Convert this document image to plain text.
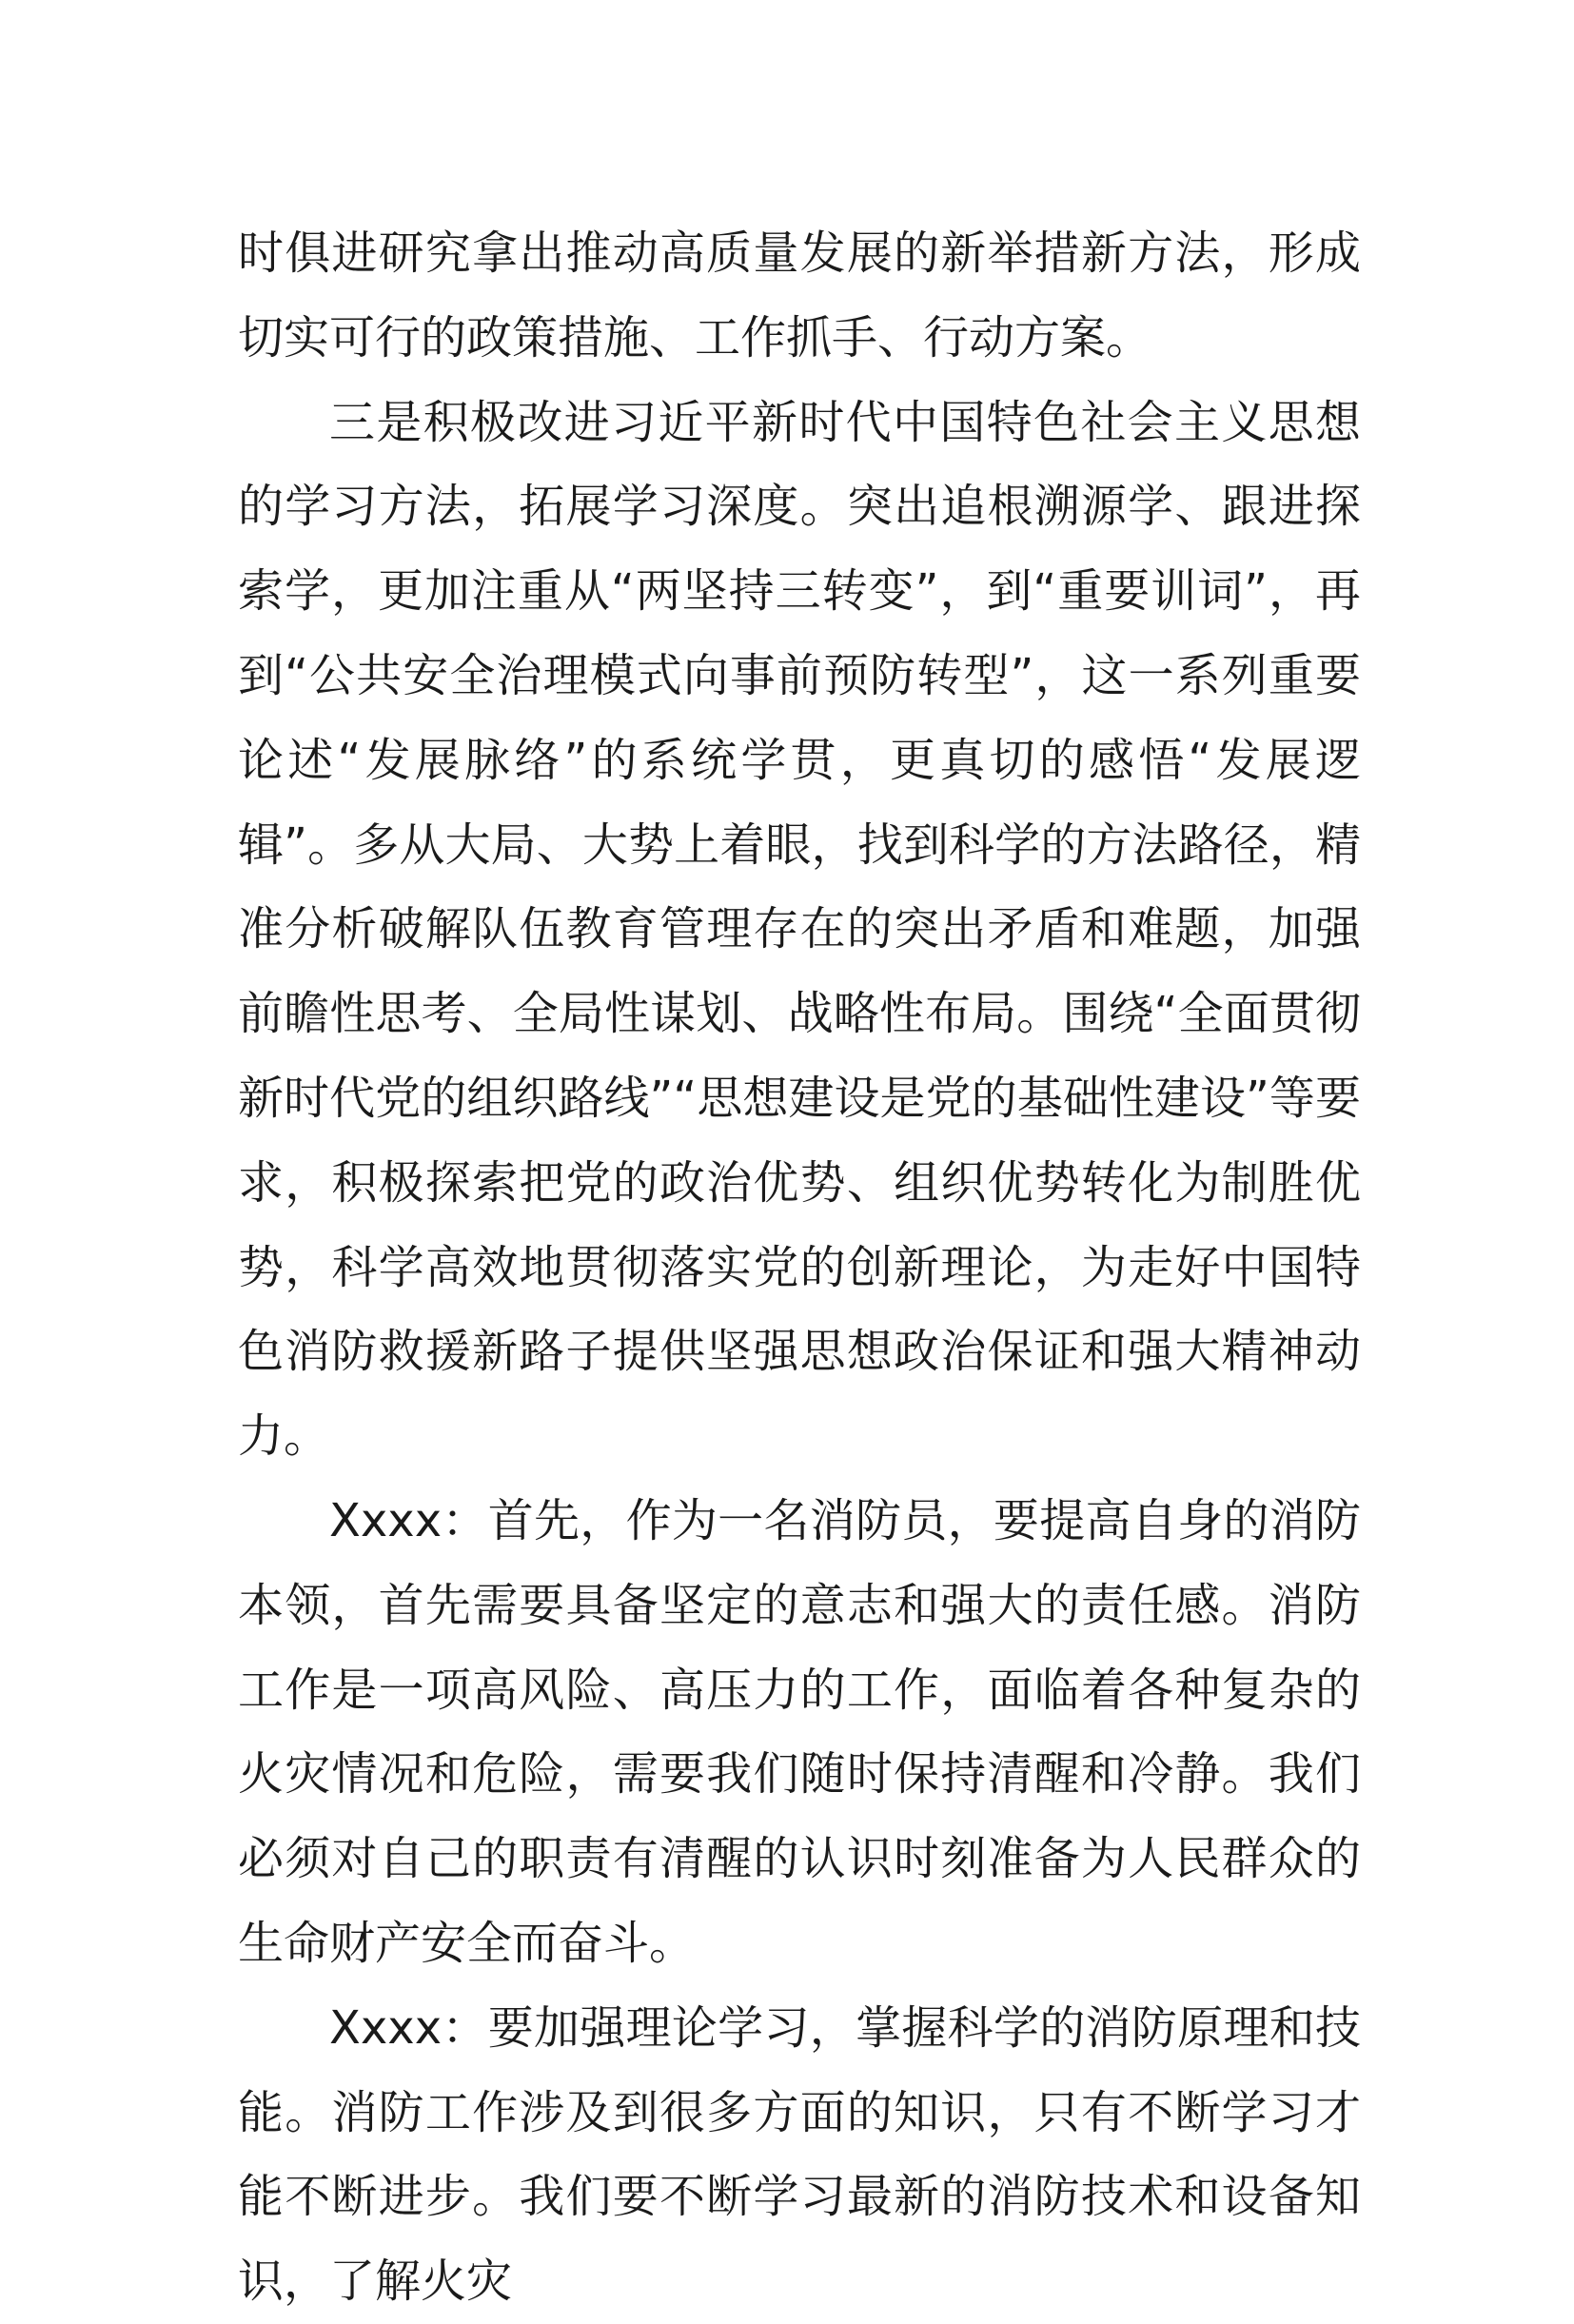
时俱进研究拿出推动高质量发展的新举措新方法，形成切实可行的政策措施、工作抓手、行动方案。

三是积极改进习近平新时代中国特色社会主义思想的学习方法，拓展学习深度。突出追根溯源学、跟进探索学，更加注重从“两坚持三转变”，到“重要训词”，再到“公共安全治理模式向事前预防转型”，这一系列重要论述“发展脉络”的系统学贯，更真切的感悟“发展逻辑”。多从大局、大势上着眼，找到科学的方法路径，精准分析破解队伍教育管理存在的突出矛盾和难题，加强前瞻性思考、全局性谋划、战略性布局。围绕“全面贯彻新时代党的组织路线”“思想建设是党的基础性建设”等要求，积极探索把党的政治优势、组织优势转化为制胜优势，科学高效地贯彻落实党的创新理论，为走好中国特色消防救援新路子提供坚强思想政治保证和强大精神动力。

Xxxx：首先，作为一名消防员，要提高自身的消防本领，首先需要具备坚定的意志和强大的责任感。消防工作是一项高风险、高压力的工作，面临着各种复杂的火灾情况和危险，需要我们随时保持清醒和冷静。我们必须对自己的职责有清醒的认识时刻准备为人民群众的生命财产安全而奋斗。

Xxxx：要加强理论学习，掌握科学的消防原理和技能。消防工作涉及到很多方面的知识，只有不断学习才能不断进步。我们要不断学习最新的消防技术和设备知识，了解火灾
